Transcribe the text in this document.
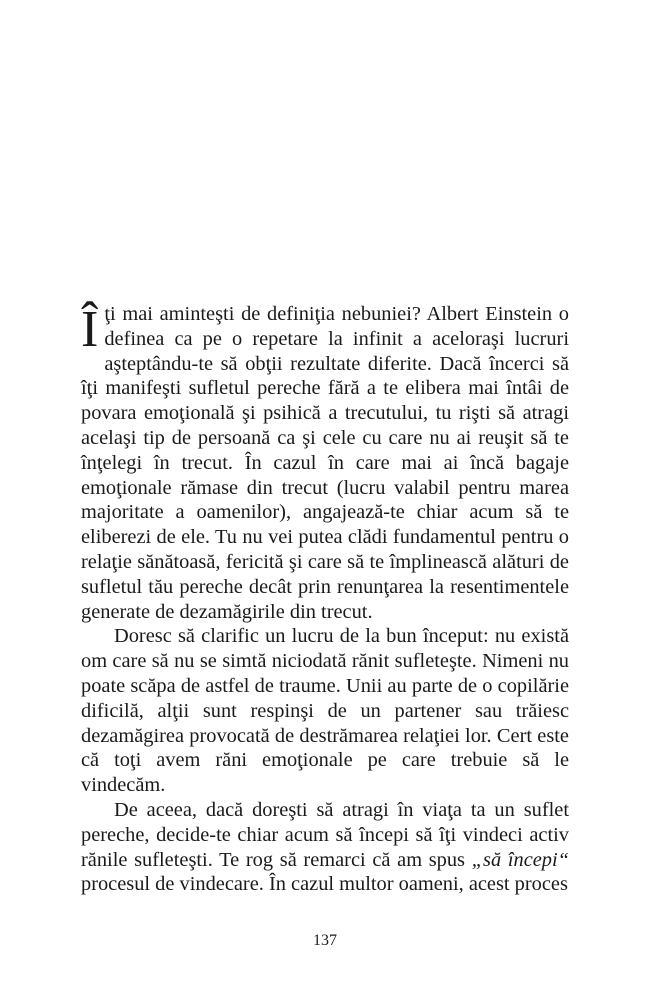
Îţi mai aminteşti de definiţia nebuniei? Albert Einstein o definea ca pe o repetare la infinit a aceloraşi lucruri aşteptându-te să obţii rezultate diferite. Dacă încerci să îţi manifeşti sufletul pereche fără a te elibera mai întâi de povara emoţională şi psihică a trecutului, tu rişti să atragi acelaşi tip de persoană ca şi cele cu care nu ai reuşit să te înţelegi în trecut. În cazul în care mai ai încă bagaje emoţionale rămase din trecut (lucru valabil pentru marea majoritate a oamenilor), angajează-te chiar acum să te eliberezi de ele. Tu nu vei putea clădi fundamentul pentru o relaţie sănătoasă, fericită şi care să te împlinească alături de sufletul tău pereche decât prin renunţarea la resentimentele generate de dezamăgirile din trecut.

Doresc să clarific un lucru de la bun început: nu există om care să nu se simtă niciodată rănit sufleteşte. Nimeni nu poate scăpa de astfel de traume. Unii au parte de o copilărie dificilă, alţii sunt respinşi de un partener sau trăiesc dezamăgirea provocată de destrămarea relaţiei lor. Cert este că toţi avem răni emoţionale pe care trebuie să le vindecăm.

De aceea, dacă doreşti să atragi în viaţa ta un suflet pereche, decide-te chiar acum să începi să îţi vindeci activ rănile sufleteşti. Te rog să remarci că am spus „să începi“ procesul de vindecare. În cazul multor oameni, acest proces

137
